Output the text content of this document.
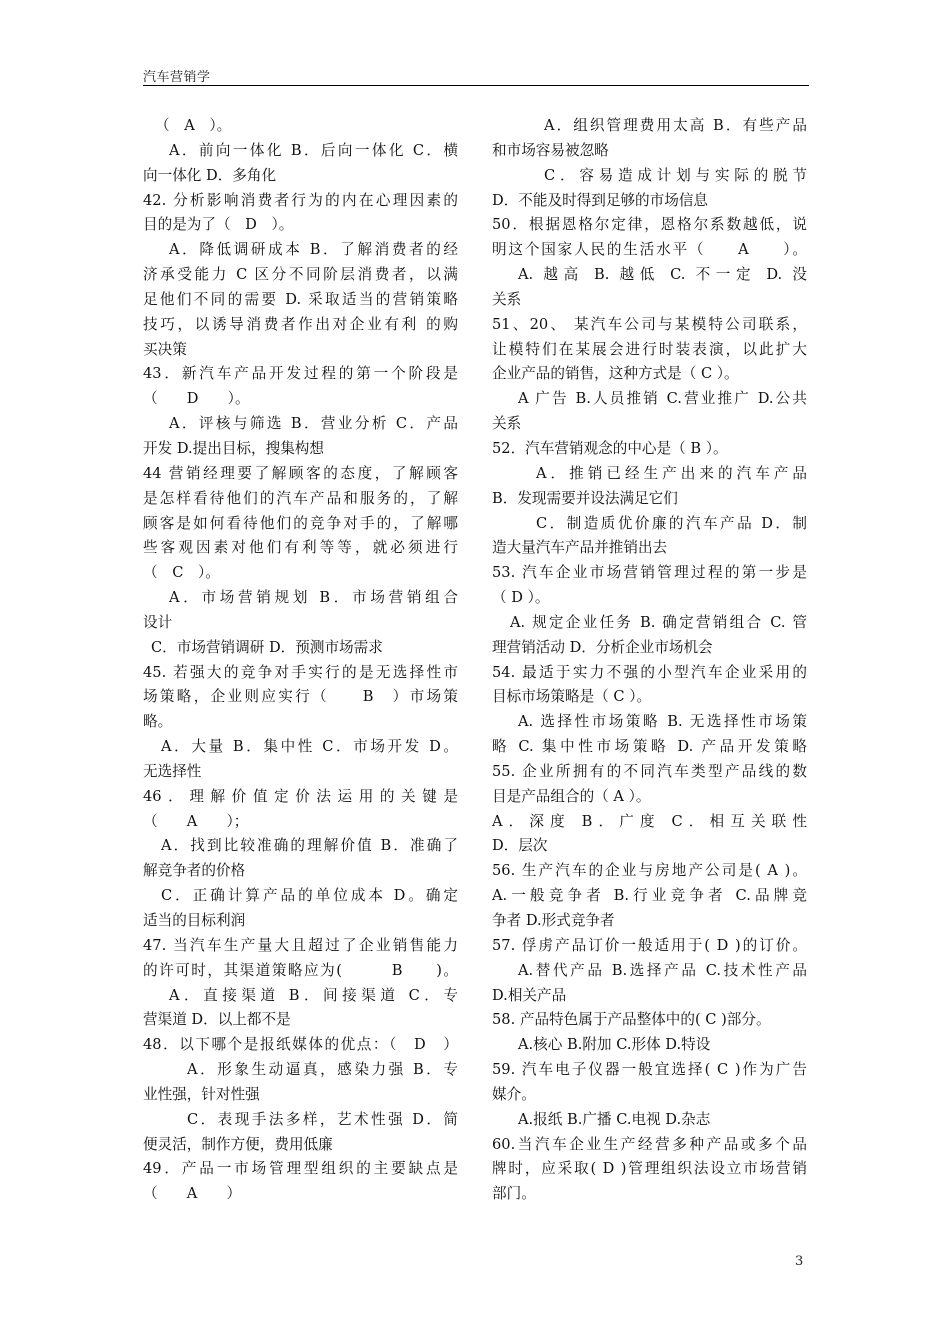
汽车营销学
（　A　）。
A．前向一体化 B．后向一体化 C．横
向一体化 D．多角化
42. 分析影响消费者行为的内在心理因素的
目的是为了（　D　）。
A．降低调研成本 B．了解消费者的经
济承受能力 C 区分不同阶层消费者，以满
足他们不同的需要 D. 采取适当的营销策略
技巧，以诱导消费者作出对企业有利 的购
买决策
43．新汽车产品开发过程的第一个阶段是
（　　D　　）。
A．评核与筛选 B．营业分析 C．产品
开发 D.提出目标，搜集构想
44 营销经理要了解顾客的态度，了解顾客
是怎样看待他们的汽车产品和服务的，了解
顾客是如何看待他们的竞争对手的，了解哪
些客观因素对他们有利等等，就必须进行
（　C　）。
A．市场营销规划 B．市场营销组合
设计
C．市场营销调研 D．预测市场需求
45. 若强大的竞争对手实行的是无选择性市
场策略，企业则应实行（　　B　）市场策
略。
A．大量 B．集中性 C．市场开发 D。
无选择性
46．理解价值定价法运用的关键是
（　　A　　）；
A．找到比较准确的理解价值 B．准确了
解竞争者的价格
C．正确计算产品的单位成本 D。确定
适当的目标利润
47. 当汽车生产量大且超过了企业销售能力
的许可时，其渠道策略应为(　　　B　　)。
A．直接渠道 B．间接渠道 C．专
营渠道 D．以上都不是
48．以下哪个是报纸媒体的优点：（　D　）
A．形象生动逼真，感染力强 B．专
业性强，针对性强
C．表现手法多样，艺术性强 D．简
便灵活，制作方便，费用低廉
49．产品一市场管理型组织的主要缺点是
（　　A　　）
A．组织管理费用太高 B．有些产品
和市场容易被忽略
C．容易造成计划与实际的脱节
D．不能及时得到足够的市场信息
50．根据恩格尔定律，恩格尔系数越低，说
明这个国家人民的生活水平（　　A　　）。
A. 越高 B. 越低 C. 不一定 D. 没
关系
51、20、 某汽车公司与某模特公司联系，
让模特们在某展会进行时装表演，以此扩大
企业产品的销售，这种方式是（ C ）。
A 广告 B.人员推销 C.营业推广 D.公共
关系
52．汽车营销观念的中心是（ B ）。
A．推销已经生产出来的汽车产品
B．发现需要并设法满足它们
C．制造质优价廉的汽车产品 D．制
造大量汽车产品并推销出去
53. 汽车企业市场营销管理过程的第一步是
（ D ）。
A. 规定企业任务 B. 确定营销组合 C. 管
理营销活动 D．分析企业市场机会
54. 最适于实力不强的小型汽车企业采用的
目标市场策略是（ C ）。
A. 选择性市场策略 B. 无选择性市场策
略 C. 集中性市场策略 D. 产品开发策略
55. 企业所拥有的不同汽车类型产品线的数
目是产品组合的（ A ）。
A．深度 B．广度 C．相互关联性
D．层次
56. 生产汽车的企业与房地产公司是( A )。
A.一般竞争者 B.行业竞争者 C.品牌竞
争者 D.形式竞争者
57. 俘虏产品订价一般适用于( D )的订价。
A.替代产品 B.选择产品 C.技术性产品
D.相关产品
58. 产品特色属于产品整体中的( C )部分。
A.核心 B.附加 C.形体 D.特设
59. 汽车电子仪器一般宜选择( C )作为广告
媒介。
A.报纸 B.广播 C.电视 D.杂志
60.当汽车企业生产经营多种产品或多个品
牌时，应采取( D )管理组织法设立市场营销
部门。
3
